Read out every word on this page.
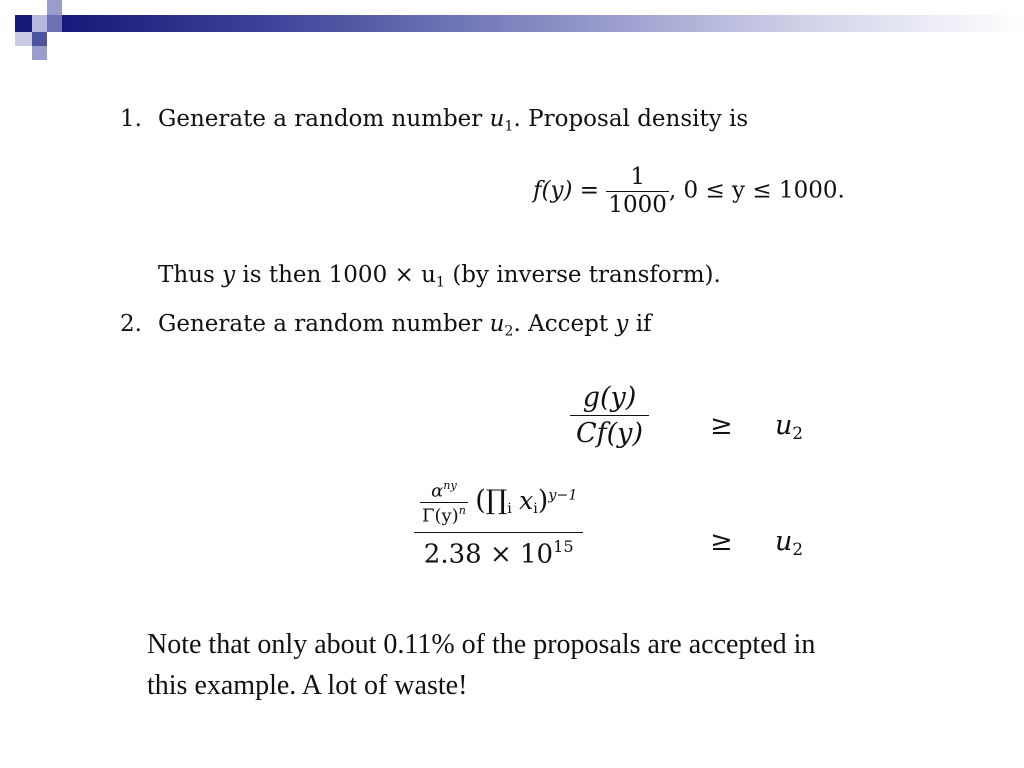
1. Generate a random number $u_1$. Proposal density is
$f(y) = \frac{1}{1000}$ , 0 ≤ y ≤ 1000.
Thus y is then $1000 \times u_1$ (by inverse transform).
2. Generate a random number $u_2$. Accept y if
$\frac{g(y)}{Cf(y)} \ge u_2$
$\frac{\frac{\alpha^{ny}}{\Gamma(y)^n} (\prod_i x_i)^{y-1}}{2.38 \times 10^{15}}$	≥ $u_2$
Note that only about 0.11% of the proposals are accepted in this example. A lot of waste!
